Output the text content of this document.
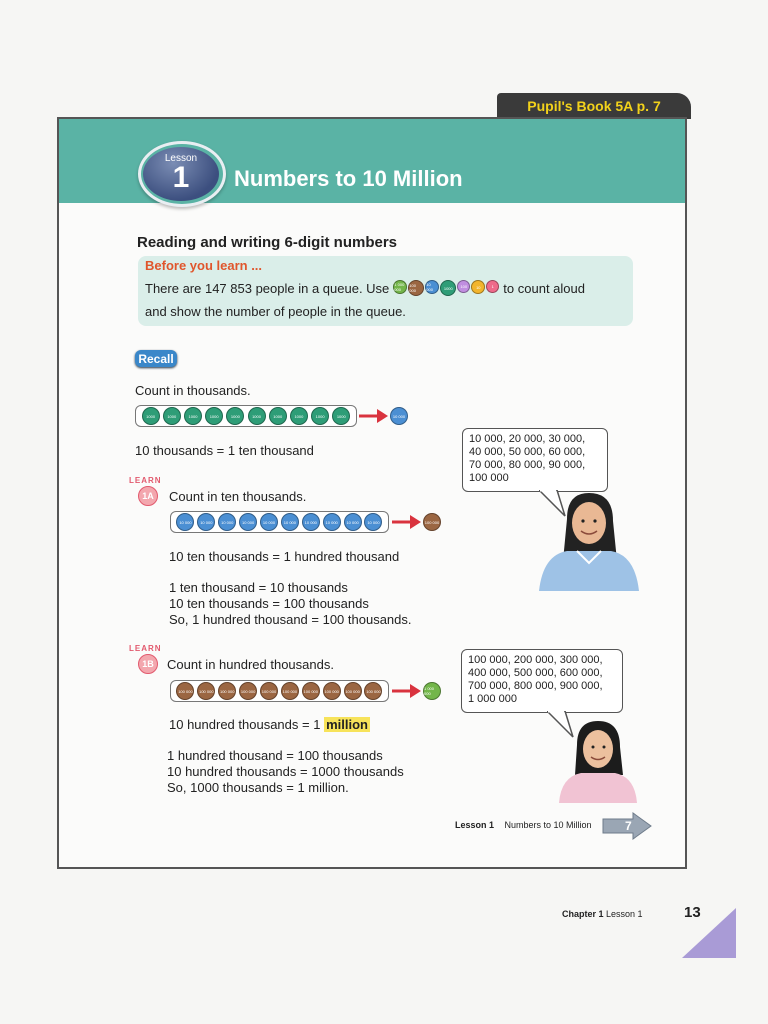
Pupil's Book 5A p. 7
Lesson
1	Numbers to 10 Million
Reading and writing 6-digit numbers
Before you learn ...
There are 147 853 people in a queue. Use 1 000 000
100 000
10 000	1000	100	10	1 to count aloud
and show the number of people in the queue.
Recall
Count in thousands.
1000	1000	1000	1000	1000	1000	1000	1000	1000	1000	10 000
10 thousands = 1 ten thousand
LEARN
1A	Count in ten thousands.
10 000	10 000	10 000	10 000	10 000	10 000	10 000	10 000	10 000	10 000	100 000
10 ten thousands = 1 hundred thousand
1 ten thousand = 10 thousands
10 ten thousands = 100 thousands
So, 1 hundred thousand = 100 thousands.
10 000, 20 000, 30 000,
40 000, 50 000, 60 000,
70 000, 80 000, 90 000,
100 000
LEARN
1B	Count in hundred thousands.
100 000	100 000	100 000	100 000	100 000	100 000	100 000	100 000	100 000	100 000	1 000 000
10 hundred thousands = 1 million
1 hundred thousand = 100 thousands
10 hundred thousands = 1000 thousands
So, 1000 thousands = 1 million.
100 000, 200 000, 300 000,
400 000, 500 000, 600 000,
700 000, 800 000, 900 000,
1 000 000
Lesson 1 Numbers to 10 Million	7
Chapter 1 Lesson 1	13
